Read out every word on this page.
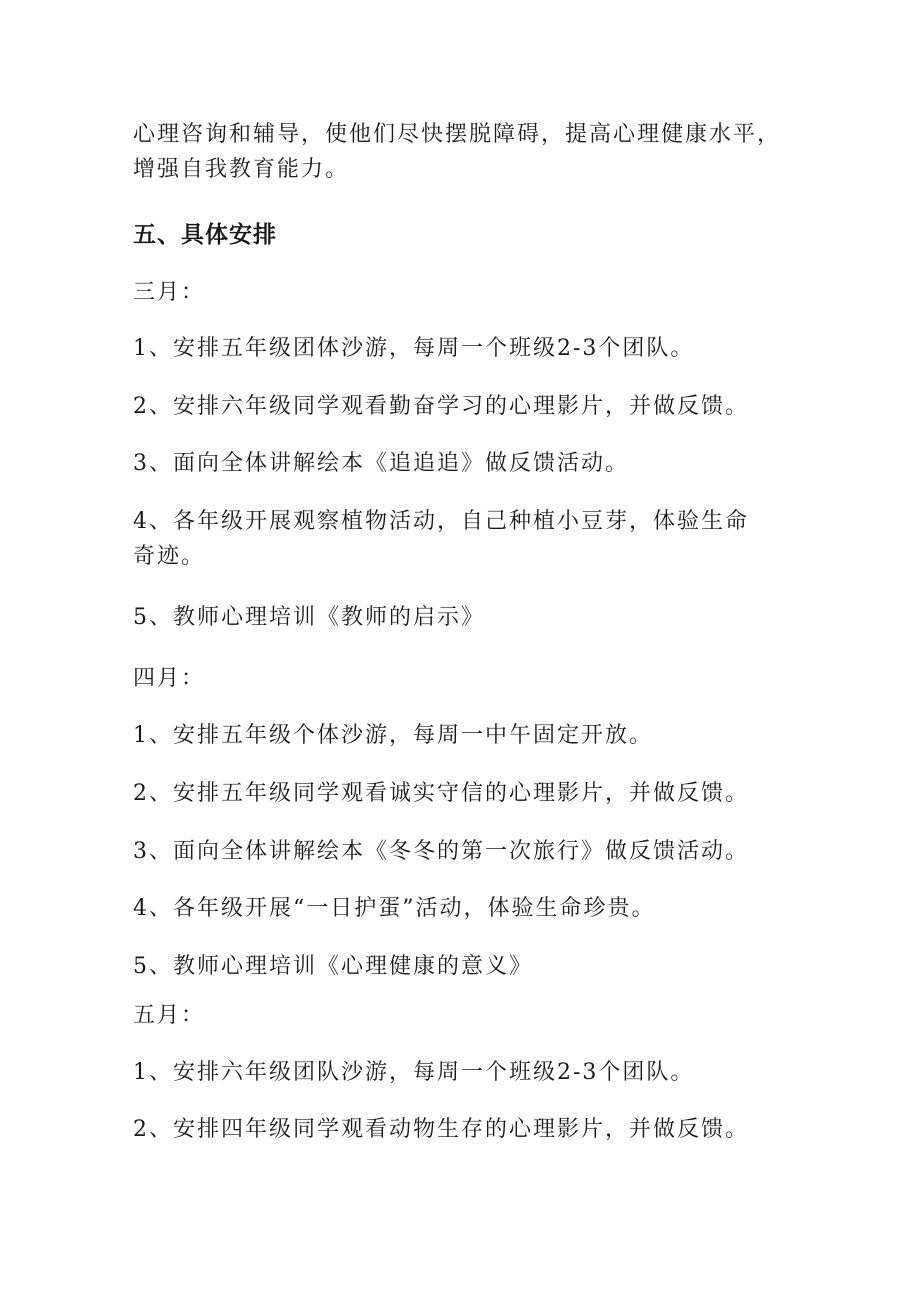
心理咨询和辅导，使他们尽快摆脱障碍，提高心理健康水平，增强自我教育能力。
五、具体安排
三月：
1、安排五年级团体沙游，每周一个班级2-3个团队。
2、安排六年级同学观看勤奋学习的心理影片，并做反馈。
3、面向全体讲解绘本《追追追》做反馈活动。
4、各年级开展观察植物活动，自己种植小豆芽，体验生命奇迹。
5、教师心理培训《教师的启示》
四月：
1、安排五年级个体沙游，每周一中午固定开放。
2、安排五年级同学观看诚实守信的心理影片，并做反馈。
3、面向全体讲解绘本《冬冬的第一次旅行》做反馈活动。
4、各年级开展“一日护蛋”活动，体验生命珍贵。
5、教师心理培训《心理健康的意义》
五月：
1、安排六年级团队沙游，每周一个班级2-3个团队。
2、安排四年级同学观看动物生存的心理影片，并做反馈。
